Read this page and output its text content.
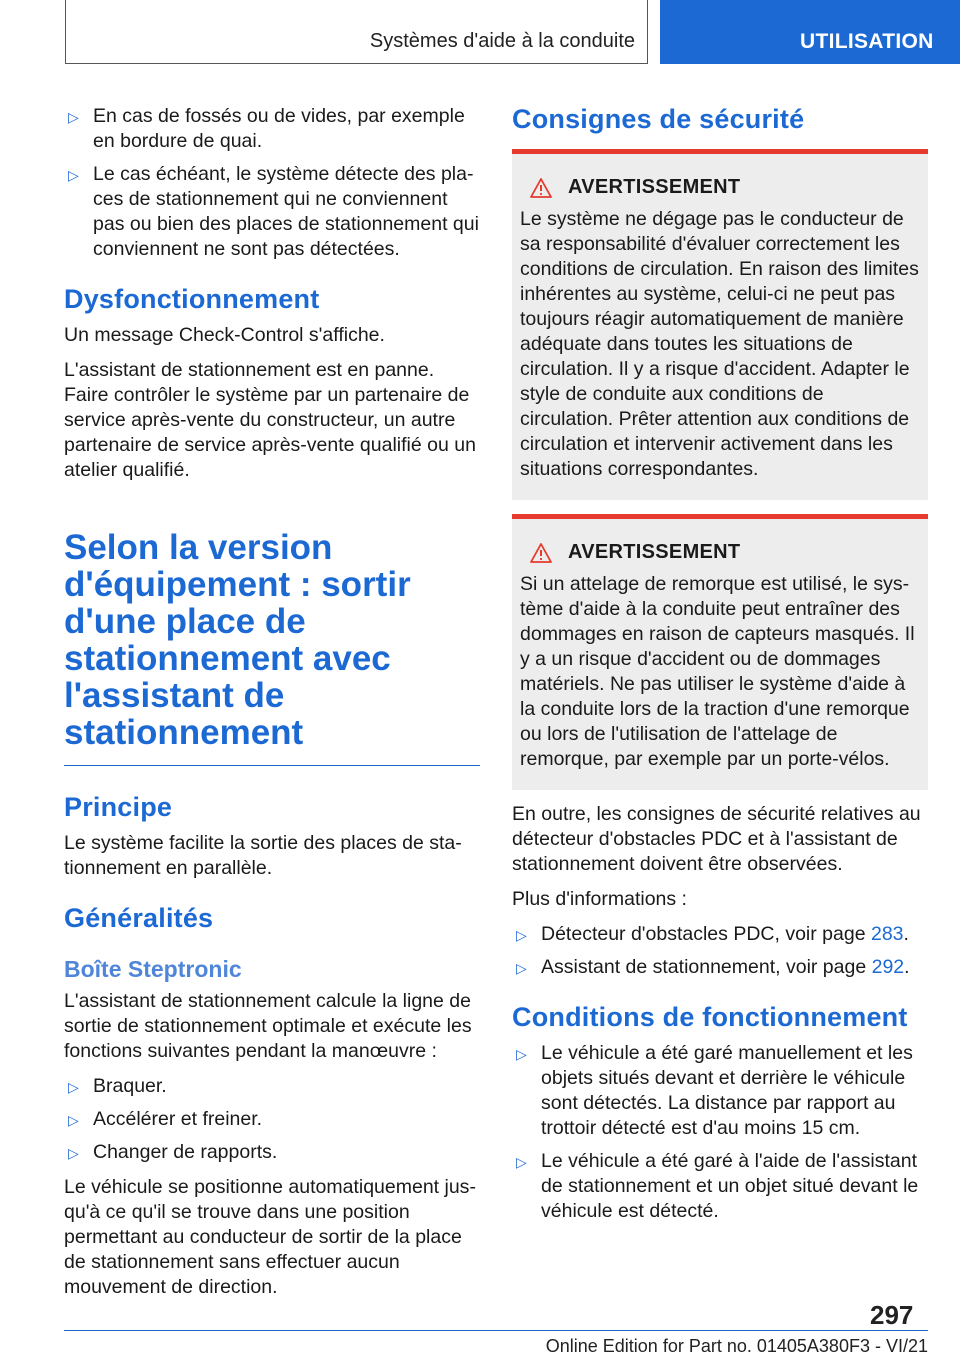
Systèmes d'aide à la conduite	UTILISATION
▷ En cas de fossés ou de vides, par exemple en bordure de quai.
▷ Le cas échéant, le système détecte des places de stationnement qui ne conviennent pas ou bien des places de stationnement qui conviennent ne sont pas détectées.
Dysfonctionnement

Un message Check-Control s'affiche.

L'assistant de stationnement est en panne. Faire contrôler le système par un partenaire de service après-vente du constructeur, un autre partenaire de service après-vente qualifié ou un atelier qualifié.

Selon la version d'équipement : sortir d'une place de stationnement avec l'assistant de stationnement
Principe

Le système facilite la sortie des places de stationnement en parallèle.

Généralités
Boîte Steptronic

L'assistant de stationnement calcule la ligne de sortie de stationnement optimale et exécute les fonctions suivantes pendant la manœuvre :

▷ Braquer.
▷ Accélérer et freiner.
▷ Changer de rapports.

Le véhicule se positionne automatiquement jusqu'à ce qu'il se trouve dans une position permettant au conducteur de sortir de la place de stationnement sans effectuer aucun mouvement de direction.

Consignes de sécurité
AVERTISSEMENT

Le système ne dégage pas le conducteur de sa responsabilité d'évaluer correctement les conditions de circulation. En raison des limites inhérentes au système, celui-ci ne peut pas toujours réagir automatiquement de manière adéquate dans toutes les situations de circulation. Il y a risque d'accident. Adapter le style de conduite aux conditions de circulation. Prêter attention aux conditions de circulation et intervenir activement dans les situations correspondantes.

AVERTISSEMENT

Si un attelage de remorque est utilisé, le système d'aide à la conduite peut entraîner des dommages en raison de capteurs masqués. Il y a un risque d'accident ou de dommages matériels. Ne pas utiliser le système d'aide à la conduite lors de la traction d'une remorque ou lors de l'utilisation de l'attelage de remorque, par exemple par un porte-vélos.

En outre, les consignes de sécurité relatives au détecteur d'obstacles PDC et à l'assistant de stationnement doivent être observées.

Plus d'informations :

▷ Détecteur d'obstacles PDC, voir page 283.
▷ Assistant de stationnement, voir page 292.
Conditions de fonctionnement
▷ Le véhicule a été garé manuellement et les objets situés devant et derrière le véhicule sont détectés. La distance par rapport au trottoir détecté est d'au moins 15 cm.
▷ Le véhicule a été garé à l'aide de l'assistant de stationnement et un objet situé devant le véhicule est détecté.
297
Online Edition for Part no. 01405A380F3 - VI/21
